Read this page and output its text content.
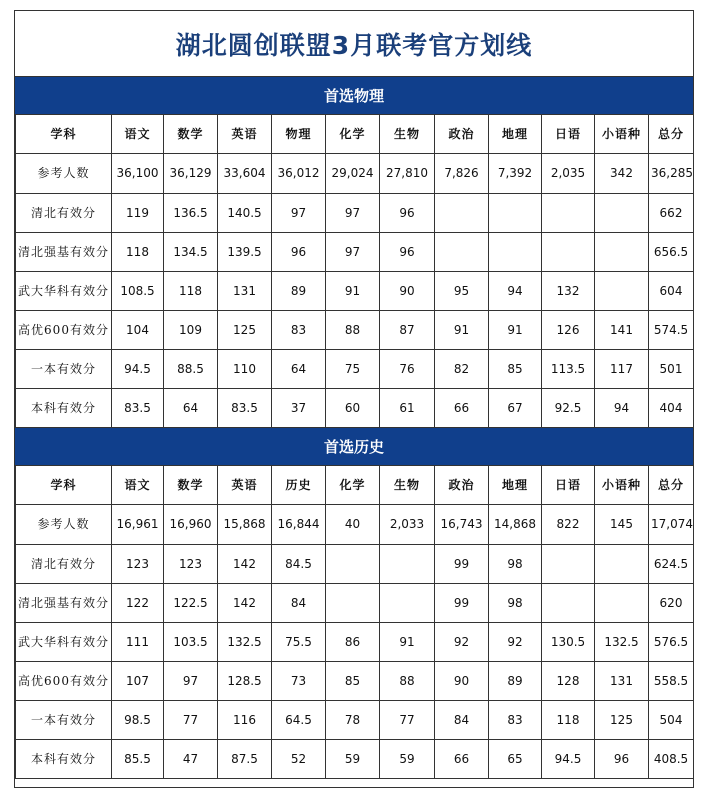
湖北圆创联盟3月联考官方划线
首选物理
学科	语文	数学	英语	物理	化学	生物	政治	地理	日语	小语种	总分
参考人数	36,100	36,129	33,604	36,012	29,024	27,810	7,826	7,392	2,035	342	36,285
清北有效分	119	136.5	140.5	97	97	96					662
清北强基有效分	118	134.5	139.5	96	97	96					656.5
武大华科有效分	108.5	118	131	89	91	90	95	94	132		604
高优600有效分	104	109	125	83	88	87	91	91	126	141	574.5
一本有效分	94.5	88.5	110	64	75	76	82	85	113.5	117	501
本科有效分	83.5	64	83.5	37	60	61	66	67	92.5	94	404
首选历史
学科	语文	数学	英语	历史	化学	生物	政治	地理	日语	小语种	总分
参考人数	16,961	16,960	15,868	16,844	40	2,033	16,743	14,868	822	145	17,074
清北有效分	123	123	142	84.5			99	98			624.5
清北强基有效分	122	122.5	142	84			99	98			620
武大华科有效分	111	103.5	132.5	75.5	86	91	92	92	130.5	132.5	576.5
高优600有效分	107	97	128.5	73	85	88	90	89	128	131	558.5
一本有效分	98.5	77	116	64.5	78	77	84	83	118	125	504
本科有效分	85.5	47	87.5	52	59	59	66	65	94.5	96	408.5
